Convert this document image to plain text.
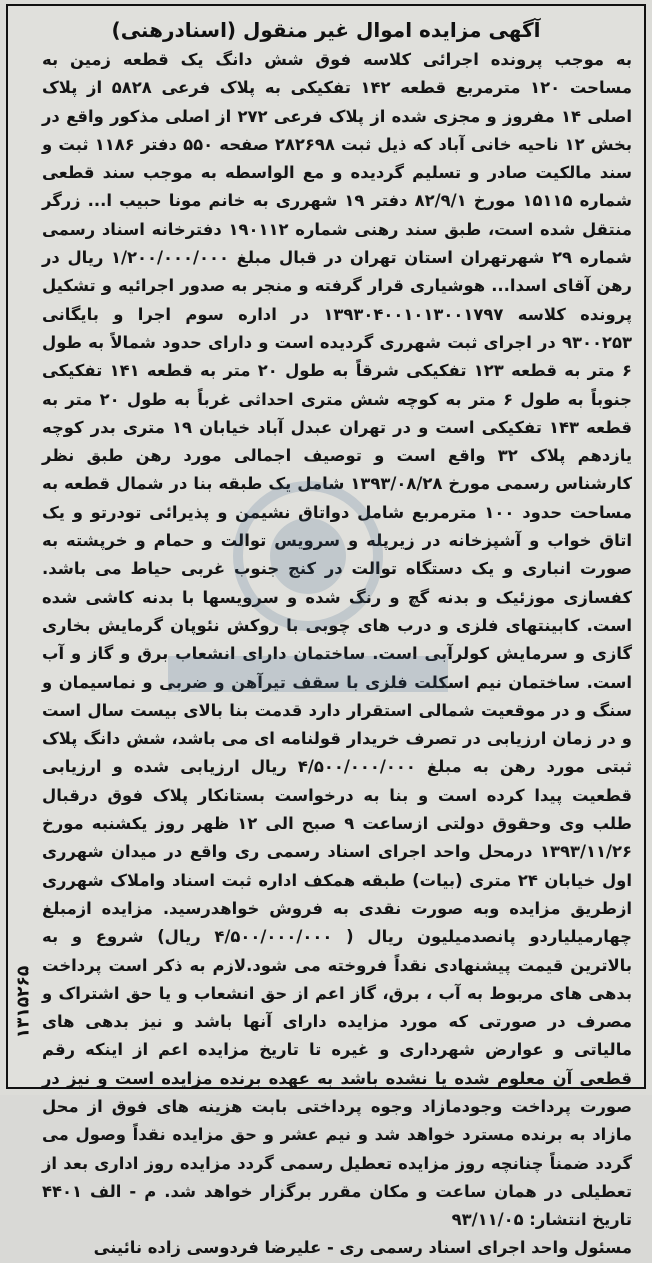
آگهی مزایده اموال غیر منقول (اسنادرهنی)

به موجب پرونده اجرائی کلاسه فوق شش دانگ یک قطعه زمین به مساحت ۱۲۰ مترمربع قطعه ۱۴۲ تفکیکی به پلاک فرعی ۵۸۲۸ از پلاک اصلی ۱۴ مفروز و مجزی شده از پلاک فرعی ۲۷۲ از اصلی مذکور واقع در بخش ۱۲ ناحیه خانی آباد که ذیل ثبت ۲۸۲۶۹۸ صفحه ۵۵۰ دفتر ۱۱۸۶ ثبت و سند مالکیت صادر و تسلیم گردیده و مع الواسطه به موجب سند قطعی شماره ۱۵۱۱۵ مورخ ۸۲/۹/۱ دفتر ۱۹ شهرری به خانم مونا حبیب ا... زرگر منتقل شده است، طبق سند رهنی شماره ۱۹۰۱۱۲ دفترخانه اسناد رسمی شماره ۲۹ شهرتهران استان تهران در قبال مبلغ ۱/۲۰۰/۰۰۰/۰۰۰ ریال در رهن آقای اسدا... هوشیاری قرار گرفته و منجر به صدور اجرائیه و تشکیل پرونده کلاسه ۱۳۹۳۰۴۰۰۱۰۱۳۰۰۱۷۹۷ در اداره سوم اجرا و بایگانی ۹۳۰۰۲۵۳ در اجرای ثبت شهرری گردیده است و دارای حدود شمالاً به طول ۶ متر به قطعه ۱۲۳ تفکیکی شرقاً به طول ۲۰ متر به قطعه ۱۴۱ تفکیکی جنوباً به طول ۶ متر به کوچه شش متری احداثی غرباً به طول ۲۰ متر به قطعه ۱۴۳ تفکیکی است و در تهران عبدل آباد خیابان ۱۹ متری بدر کوچه یازدهم پلاک ۳۲ واقع است و توصیف اجمالی مورد رهن طبق نظر کارشناس رسمی مورخ ۱۳۹۳/۰۸/۲۸ شامل یک طبقه بنا در شمال قطعه به مساحت حدود ۱۰۰ مترمربع شامل دواتاق نشیمن و پذیرائی تودرتو و یک اتاق خواب و آشپزخانه در زیرپله و سرویس توالت و حمام و خرپشته به صورت انباری و یک دستگاه توالت در کنج جنوب غربی حیاط می باشد. کفسازی موزئیک و بدنه گچ و رنگ شده و سرویسها با بدنه کاشی شده است. کابینتهای فلزی و درب های چوبی با روکش نئوپان گرمایش بخاری گازی و سرمایش کولرآبی است. ساختمان دارای انشعاب برق و گاز و آب است. ساختمان نیم اسکلت فلزی با سقف تیرآهن و ضربی و نماسیمان و سنگ و در موقعیت شمالی استقرار دارد قدمت بنا بالای بیست سال است و در زمان ارزیابی در تصرف خریدار قولنامه ای می باشد، شش دانگ پلاک ثبتی مورد رهن به مبلغ ۴/۵۰۰/۰۰۰/۰۰۰ ریال ارزیابی شده و ارزیابی قطعیت پیدا کرده است و بنا به درخواست بستانکار پلاک فوق درقبال طلب وی وحقوق دولتی ازساعت ۹ صبح الی ۱۲ ظهر روز یکشنبه مورخ ۱۳۹۳/۱۱/۲۶ درمحل واحد اجرای اسناد رسمی ری واقع در میدان شهرری اول خیابان ۲۴ متری (بیات) طبقه همکف اداره ثبت اسناد واملاک شهرری ازطریق مزایده وبه صورت نقدی به فروش خواهدرسید. مزایده ازمبلغ چهارمیلیاردو پانصدمیلیون ریال ( ۴/۵۰۰/۰۰۰/۰۰۰ ریال) شروع و به بالاترین قیمت پیشنهادی نقداً فروخته می شود.لازم به ذکر است پرداخت بدهی های مربوط به آب ، برق، گاز اعم از حق انشعاب و یا حق اشتراک و مصرف در صورتی که مورد مزایده دارای آنها باشد و نیز بدهی های مالیاتی و عوارض شهرداری و غیره تا تاریخ مزایده اعم از اینکه رقم قطعی آن معلوم شده یا نشده باشد به عهده برنده مزایده است و نیز در صورت پرداخت وجودمازاد وجوه پرداختی بابت هزینه های فوق از محل مازاد به برنده مسترد خواهد شد و نیم عشر و حق مزایده نقداً وصول می گردد ضمناً چنانچه روز مزایده تعطیل رسمی گردد مزایده روز اداری بعد از تعطیلی در همان ساعت و مکان مقرر برگزار خواهد شد. م - الف ۴۴۰۱ تاریخ انتشار: ۹۳/۱۱/۰۵

مسئول واحد اجرای اسناد رسمی ری - علیرضا فردوسی زاده نائینی

۱۳۱۵۲۶۵
